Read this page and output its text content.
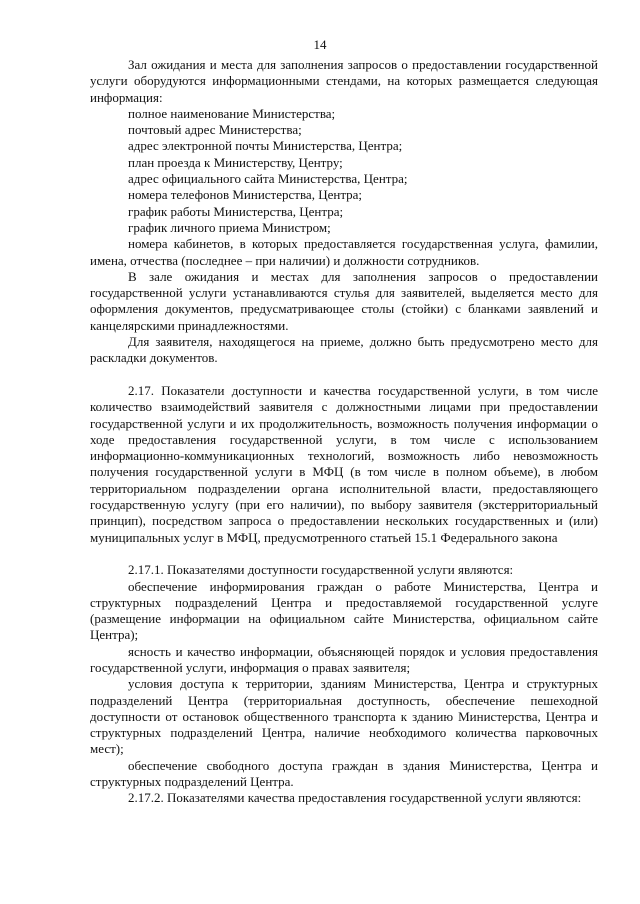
14

Зал ожидания и места для заполнения запросов о предоставлении государственной услуги оборудуются информационными стендами, на которых размещается следующая информация:

полное наименование Министерства;

почтовый адрес Министерства;

адрес электронной почты Министерства, Центра;

план проезда к Министерству, Центру;

адрес официального сайта Министерства, Центра;

номера телефонов Министерства, Центра;

график работы Министерства, Центра;

график личного приема Министром;

номера кабинетов, в которых предоставляется государственная услуга, фамилии, имена, отчества (последнее – при наличии) и должности сотрудников.

В зале ожидания и местах для заполнения запросов о предоставлении государственной услуги устанавливаются стулья для заявителей, выделяется место для оформления документов, предусматривающее столы (стойки) с бланками заявлений и канцелярскими принадлежностями.

Для заявителя, находящегося на приеме, должно быть предусмотрено место для раскладки документов.

2.17. Показатели доступности и качества государственной услуги, в том числе количество взаимодействий заявителя с должностными лицами при предоставлении государственной услуги и их продолжительность, возможность получения информации о ходе предоставления государственной услуги, в том числе с использованием информационно-коммуникационных технологий, возможность либо невозможность получения государственной услуги в МФЦ (в том числе в полном объеме), в любом территориальном подразделении органа исполнительной власти, предоставляющего государственную услугу (при его наличии), по выбору заявителя (экстерриториальный принцип), посредством запроса о предоставлении нескольких государственных и (или) муниципальных услуг в МФЦ, предусмотренного статьей 15.1 Федерального закона

2.17.1. Показателями доступности государственной услуги являются:

обеспечение информирования граждан о работе Министерства, Центра и структурных подразделений Центра и предоставляемой государственной услуге (размещение информации на официальном сайте Министерства, официальном сайте Центра);

ясность и качество информации, объясняющей порядок и условия предоставления государственной услуги, информация о правах заявителя;

условия доступа к территории, зданиям Министерства, Центра и структурных подразделений Центра (территориальная доступность, обеспечение пешеходной доступности от остановок общественного транспорта к зданию Министерства, Центра и структурных подразделений Центра, наличие необходимого количества парковочных мест);

обеспечение свободного доступа граждан в здания Министерства, Центра и структурных подразделений Центра.

2.17.2. Показателями качества предоставления государственной услуги являются:
